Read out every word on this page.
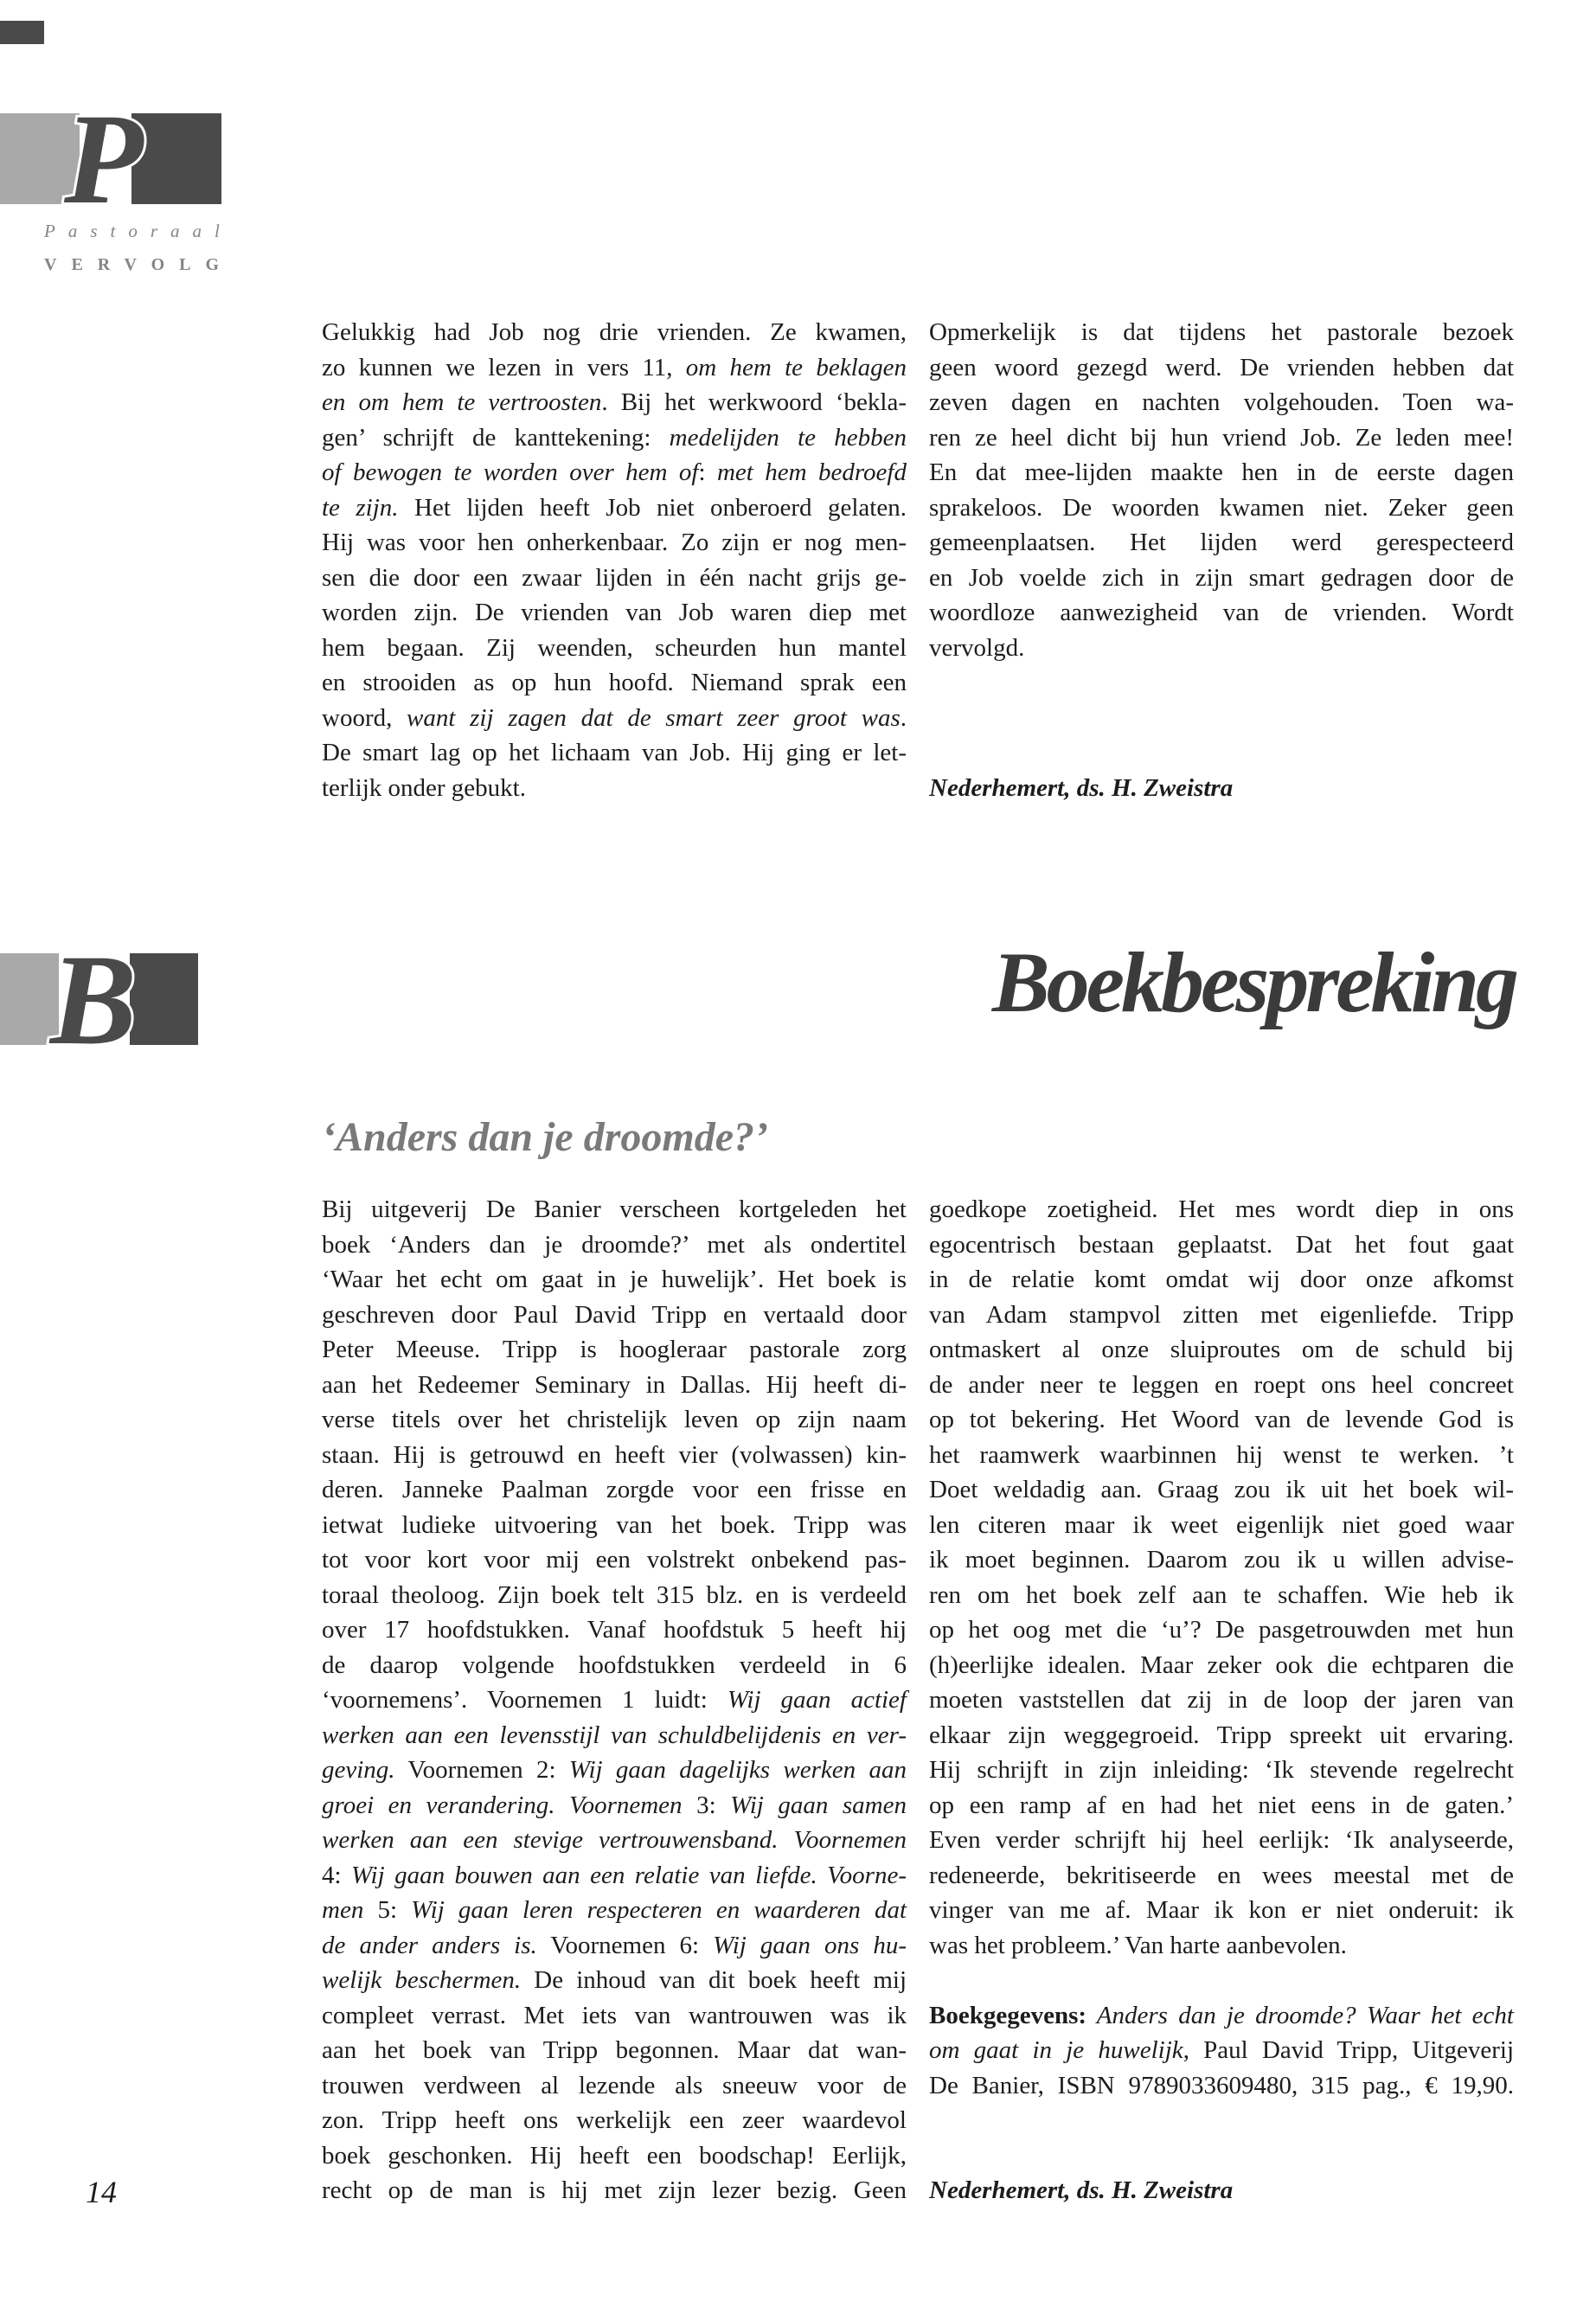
P
Pastoraal
VERVOLG
Gelukkig had Job nog drie vrienden. Ze kwamen,
zo kunnen we lezen in vers 11, om hem te beklagen
en om hem te vertroosten. Bij het werkwoord ‘bekla-
gen’ schrijft de kanttekening: medelijden te hebben
of bewogen te worden over hem of: met hem bedroefd
te zijn. Het lijden heeft Job niet onberoerd gelaten.
Hij was voor hen onherkenbaar. Zo zijn er nog men-
sen die door een zwaar lijden in één nacht grijs ge-
worden zijn. De vrienden van Job waren diep met
hem begaan. Zij weenden, scheurden hun mantel
en strooiden as op hun hoofd. Niemand sprak een
woord, want zij zagen dat de smart zeer groot was.
De smart lag op het lichaam van Job. Hij ging er let-
terlijk onder gebukt.
Opmerkelijk is dat tijdens het pastorale bezoek
geen woord gezegd werd. De vrienden hebben dat
zeven dagen en nachten volgehouden. Toen wa-
ren ze heel dicht bij hun vriend Job. Ze leden mee!
En dat mee-lijden maakte hen in de eerste dagen
sprakeloos. De woorden kwamen niet. Zeker geen
gemeenplaatsen. Het lijden werd gerespecteerd
en Job voelde zich in zijn smart gedragen door de
woordloze aanwezigheid van de vrienden. Wordt
vervolgd.
Nederhemert, ds. H. Zweistra
B	Boekbespreking
‘Anders dan je droomde?’
Bij uitgeverij De Banier verscheen kortgeleden het
boek ‘Anders dan je droomde?’ met als ondertitel
‘Waar het echt om gaat in je huwelijk’. Het boek is
geschreven door Paul David Tripp en vertaald door
Peter Meeuse. Tripp is hoogleraar pastorale zorg
aan het Redeemer Seminary in Dallas. Hij heeft di-
verse titels over het christelijk leven op zijn naam
staan. Hij is getrouwd en heeft vier (volwassen) kin-
deren. Janneke Paalman zorgde voor een frisse en
ietwat ludieke uitvoering van het boek. Tripp was
tot voor kort voor mij een volstrekt onbekend pas-
toraal theoloog. Zijn boek telt 315 blz. en is verdeeld
over 17 hoofdstukken. Vanaf hoofdstuk 5 heeft hij
de daarop volgende hoofdstukken verdeeld in 6
‘voornemens’. Voornemen 1 luidt: Wij gaan actief
werken aan een levensstijl van schuldbelijdenis en ver-
geving. Voornemen 2: Wij gaan dagelijks werken aan
groei en verandering. Voornemen 3: Wij gaan samen
werken aan een stevige vertrouwensband. Voornemen
4: Wij gaan bouwen aan een relatie van liefde. Voorne-
men 5: Wij gaan leren respecteren en waarderen dat
de ander anders is. Voornemen 6: Wij gaan ons hu-
welijk beschermen. De inhoud van dit boek heeft mij
compleet verrast. Met iets van wantrouwen was ik
aan het boek van Tripp begonnen. Maar dat wan-
trouwen verdween al lezende als sneeuw voor de
zon. Tripp heeft ons werkelijk een zeer waardevol
boek geschonken. Hij heeft een boodschap! Eerlijk,
recht op de man is hij met zijn lezer bezig. Geen
goedkope zoetigheid. Het mes wordt diep in ons
egocentrisch bestaan geplaatst. Dat het fout gaat
in de relatie komt omdat wij door onze afkomst
van Adam stampvol zitten met eigenliefde. Tripp
ontmaskert al onze sluiproutes om de schuld bij
de ander neer te leggen en roept ons heel concreet
op tot bekering. Het Woord van de levende God is
het raamwerk waarbinnen hij wenst te werken. ’t
Doet weldadig aan. Graag zou ik uit het boek wil-
len citeren maar ik weet eigenlijk niet goed waar
ik moet beginnen. Daarom zou ik u willen advise-
ren om het boek zelf aan te schaffen. Wie heb ik
op het oog met die ‘u’? De pasgetrouwden met hun
(h)eerlijke idealen. Maar zeker ook die echtparen die
moeten vaststellen dat zij in de loop der jaren van
elkaar zijn weggegroeid. Tripp spreekt uit ervaring.
Hij schrijft in zijn inleiding: ‘Ik stevende regelrecht
op een ramp af en had het niet eens in de gaten.’
Even verder schrijft hij heel eerlijk: ‘Ik analyseerde,
redeneerde, bekritiseerde en wees meestal met de
vinger van me af. Maar ik kon er niet onderuit: ik
was het probleem.’ Van harte aanbevolen.
Boekgegevens: Anders dan je droomde? Waar het echt
om gaat in je huwelijk, Paul David Tripp, Uitgeverij
De Banier, ISBN 9789033609480, 315 pag., € 19,90.
Nederhemert, ds. H. Zweistra
14
